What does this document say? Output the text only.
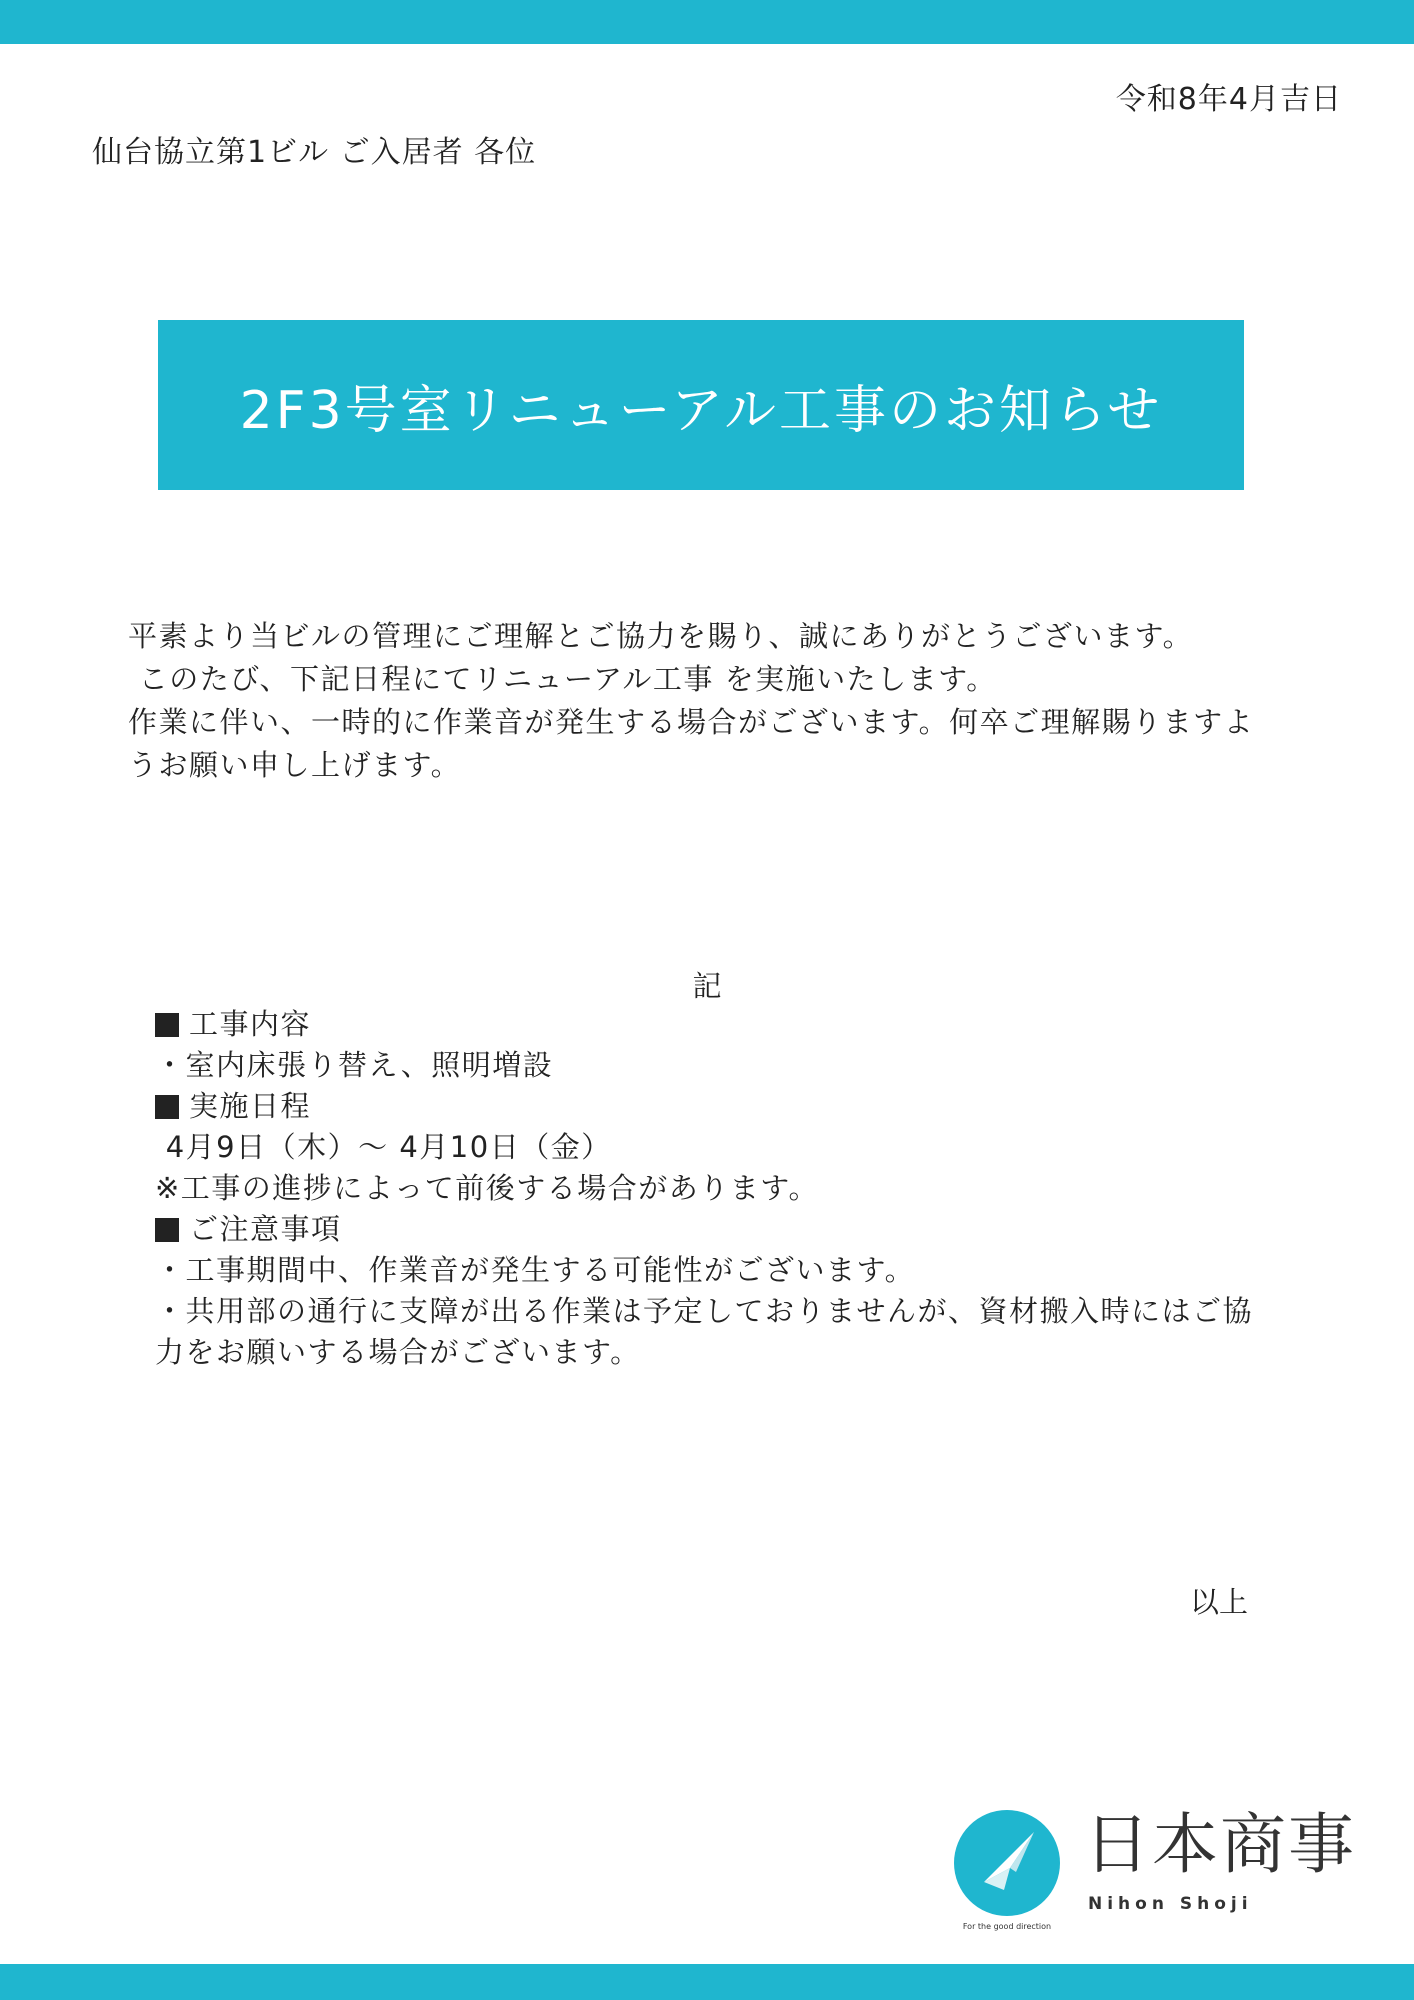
令和8年4月吉日
仙台協立第1ビル ご入居者 各位
2F3号室リニューアル工事のお知らせ

平素より当ビルの管理にご理解とご協力を賜り、誠にありがとうございます。

このたび、下記日程にてリニューアル工事 を実施いたします。

作業に伴い、一時的に作業音が発生する場合がございます。何卒ご理解賜りますようお願い申し上げます。

記

工事内容

・室内床張り替え、照明増設

実施日程

4月9日（木）〜 4月10日（金）

※工事の進捗によって前後する場合があります。

ご注意事項

・工事期間中、作業音が発生する可能性がございます。

・共用部の通行に支障が出る作業は予定しておりませんが、資材搬入時にはご協力をお願いする場合がございます。

以上
For the good direction
日本商事
Nihon Shoji
